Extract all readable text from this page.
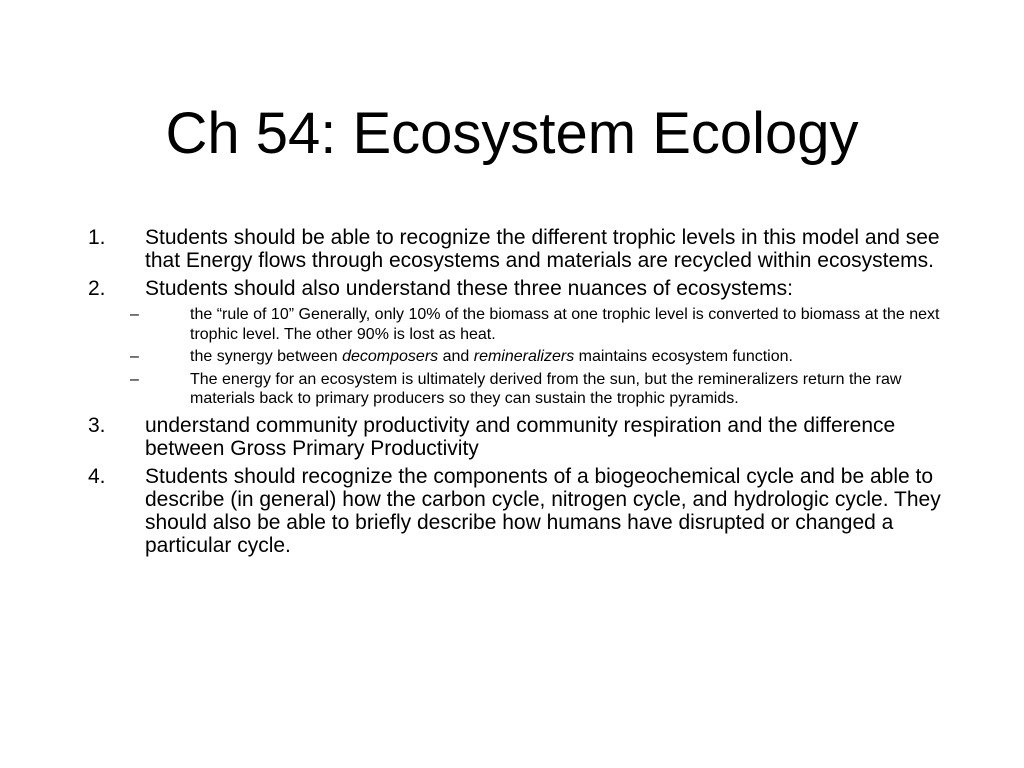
Ch 54: Ecosystem Ecology
1. Students should be able to recognize the different trophic levels in this model and see that Energy flows through ecosystems and materials are recycled within ecosystems.
2. Students should also understand these three nuances of ecosystems:
–	the “rule of 10” Generally, only 10% of the biomass at one trophic level is converted to biomass at the next trophic level. The other 90% is lost as heat.
–	the synergy between decomposers and remineralizers maintains ecosystem function.
–	The energy for an ecosystem is ultimately derived from the sun, but the remineralizers return the raw materials back to primary producers so they can sustain the trophic pyramids.
3. understand community productivity and community respiration and the difference between Gross Primary Productivity
4. Students should recognize the components of a biogeochemical cycle and be able to describe (in general) how the carbon cycle, nitrogen cycle, and hydrologic cycle. They should also be able to briefly describe how humans have disrupted or changed a particular cycle.
